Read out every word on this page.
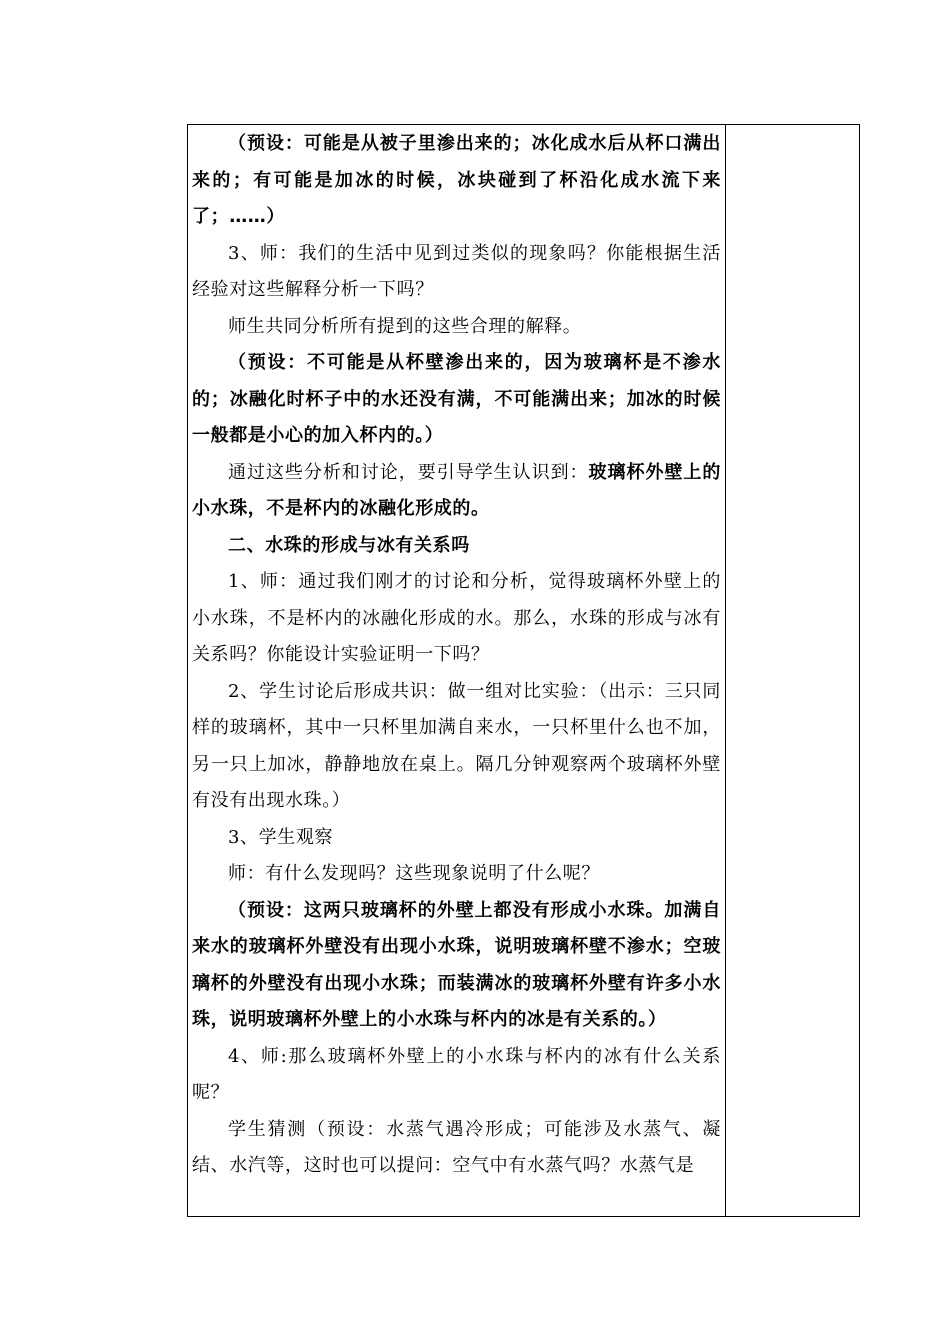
（预设：可能是从被子里渗出来的；冰化成水后从杯口满出来的；有可能是加冰的时候，冰块碰到了杯沿化成水流下来了；……）

3、师：我们的生活中见到过类似的现象吗？你能根据生活经验对这些解释分析一下吗？

师生共同分析所有提到的这些合理的解释。

（预设：不可能是从杯壁渗出来的，因为玻璃杯是不渗水的；冰融化时杯子中的水还没有满，不可能满出来；加冰的时候一般都是小心的加入杯内的。）

通过这些分析和讨论，要引导学生认识到：玻璃杯外壁上的小水珠，不是杯内的冰融化形成的。

二、水珠的形成与冰有关系吗

1、师：通过我们刚才的讨论和分析，觉得玻璃杯外壁上的小水珠，不是杯内的冰融化形成的水。那么，水珠的形成与冰有关系吗？你能设计实验证明一下吗？

2、学生讨论后形成共识：做一组对比实验：（出示：三只同样的玻璃杯，其中一只杯里加满自来水，一只杯里什么也不加，另一只上加冰，静静地放在桌上。隔几分钟观察两个玻璃杯外壁有没有出现水珠。）

3、学生观察

师：有什么发现吗？这些现象说明了什么呢？

（预设：这两只玻璃杯的外壁上都没有形成小水珠。加满自来水的玻璃杯外壁没有出现小水珠，说明玻璃杯壁不渗水；空玻璃杯的外壁没有出现小水珠；而装满冰的玻璃杯外壁有许多小水珠，说明玻璃杯外壁上的小水珠与杯内的冰是有关系的。）

4、师:那么玻璃杯外壁上的小水珠与杯内的冰有什么关系呢？

学生猜测（预设：水蒸气遇冷形成；可能涉及水蒸气、凝结、水汽等，这时也可以提问：空气中有水蒸气吗？水蒸气是
